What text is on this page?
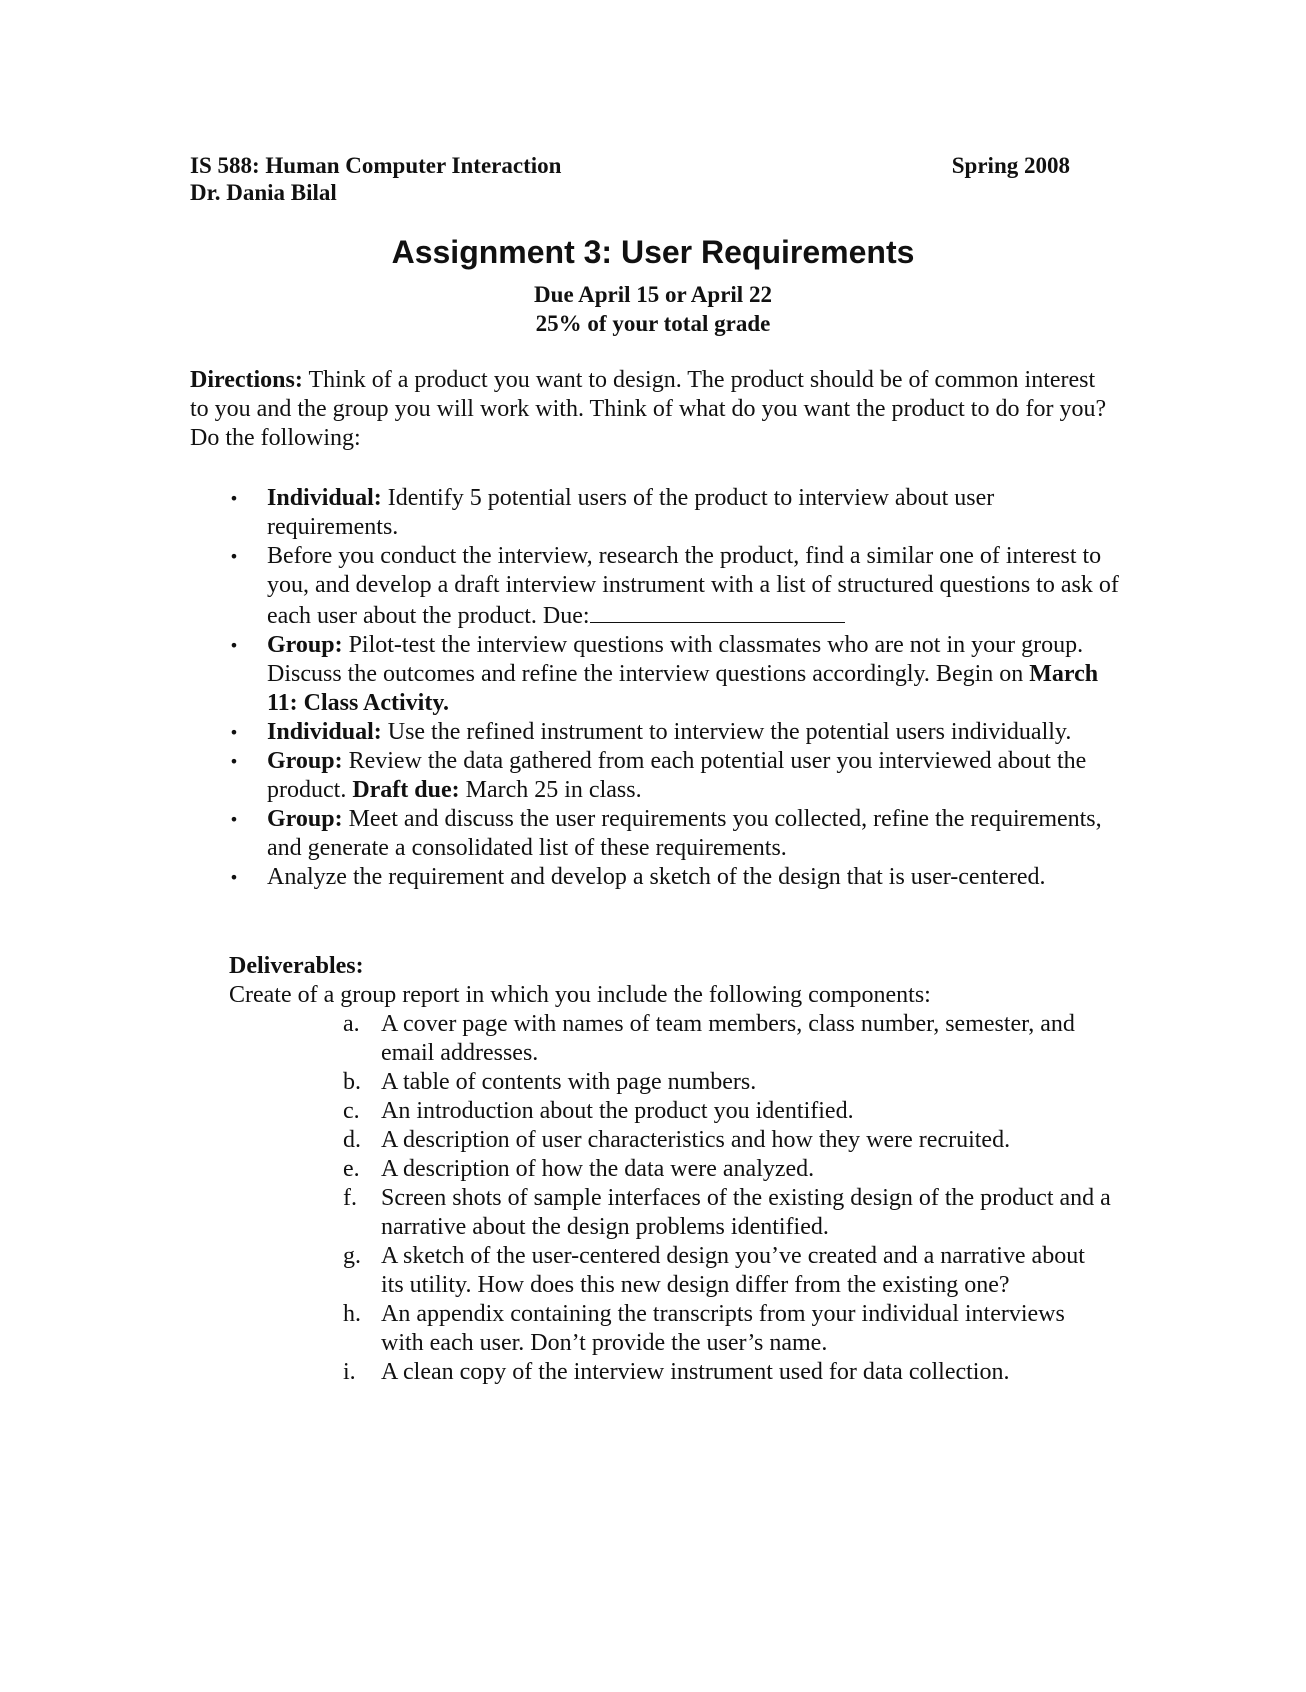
IS 588: Human Computer Interaction	Spring 2008
Dr. Dania Bilal
Assignment 3: User Requirements
Due April 15 or April 22
25% of your total grade

Directions: Think of a product you want to design. The product should be of common interest to you and the group you will work with. Think of what do you want the product to do for you? Do the following:

• Individual: Identify 5 potential users of the product to interview about user requirements.
• Before you conduct the interview, research the product, find a similar one of interest to you, and develop a draft interview instrument with a list of structured questions to ask of each user about the product. Due:
• Group: Pilot-test the interview questions with classmates who are not in your group. Discuss the outcomes and refine the interview questions accordingly. Begin on March 11: Class Activity.
• Individual: Use the refined instrument to interview the potential users individually.
• Group: Review the data gathered from each potential user you interviewed about the product. Draft due: March 25 in class.
• Group: Meet and discuss the user requirements you collected, refine the requirements, and generate a consolidated list of these requirements.
• Analyze the requirement and develop a sketch of the design that is user-centered.

Deliverables:

Create of a group report in which you include the following components:

a. A cover page with names of team members, class number, semester, and email addresses.
b. A table of contents with page numbers.
c. An introduction about the product you identified.
d. A description of user characteristics and how they were recruited.
e. A description of how the data were analyzed.
f. Screen shots of sample interfaces of the existing design of the product and a narrative about the design problems identified.
g. A sketch of the user-centered design you’ve created and a narrative about its utility. How does this new design differ from the existing one?
h. An appendix containing the transcripts from your individual interviews with each user. Don’t provide the user’s name.
i. A clean copy of the interview instrument used for data collection.
